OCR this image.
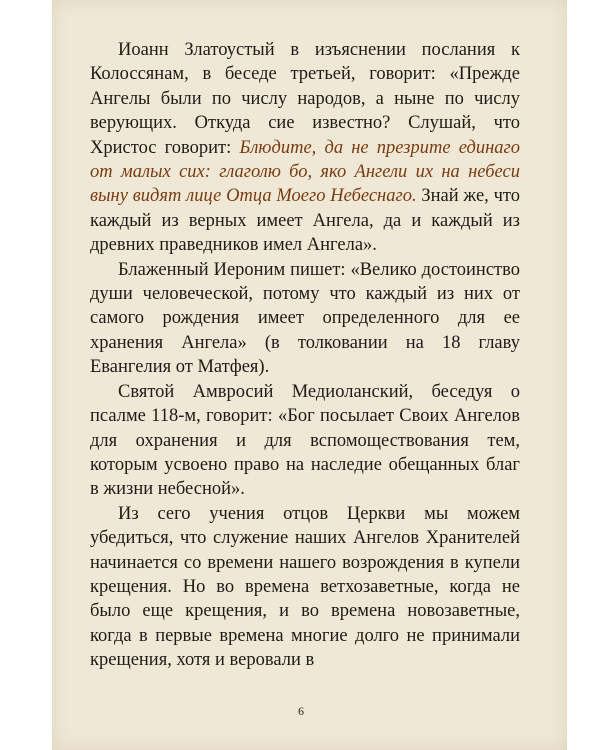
Иоанн Златоустый в изъяснении послания к Колоссянам, в беседе третьей, говорит: «Прежде Ангелы были по числу народов, а ныне по числу верующих. Откуда сие известно? Слушай, что Христос говорит: Блюдите, да не презрите единаго от малых сих: глаголю бо, яко Ангели их на небеси выну видят лице Отца Моего Небеснаго. Знай же, что каждый из верных имеет Ангела, да и каждый из древних праведников имел Ангела».

Блаженный Иероним пишет: «Велико достоинство души человеческой, потому что каждый из них от самого рождения имеет определенного для ее хранения Ангела» (в толковании на 18 главу Евангелия от Матфея).

Святой Амвросий Медиоланский, беседуя о псалме 118-м, говорит: «Бог посылает Своих Ангелов для охранения и для вспомоществования тем, которым усвоено право на наследие обещанных благ в жизни небесной».

Из сего учения отцов Церкви мы можем убедиться, что служение наших Ангелов Хранителей начинается со времени нашего возрождения в купели крещения. Но во времена ветхозаветные, когда не было еще крещения, и во времена новозаветные, когда в первые времена многие долго не принимали крещения, хотя и веровали в

6
